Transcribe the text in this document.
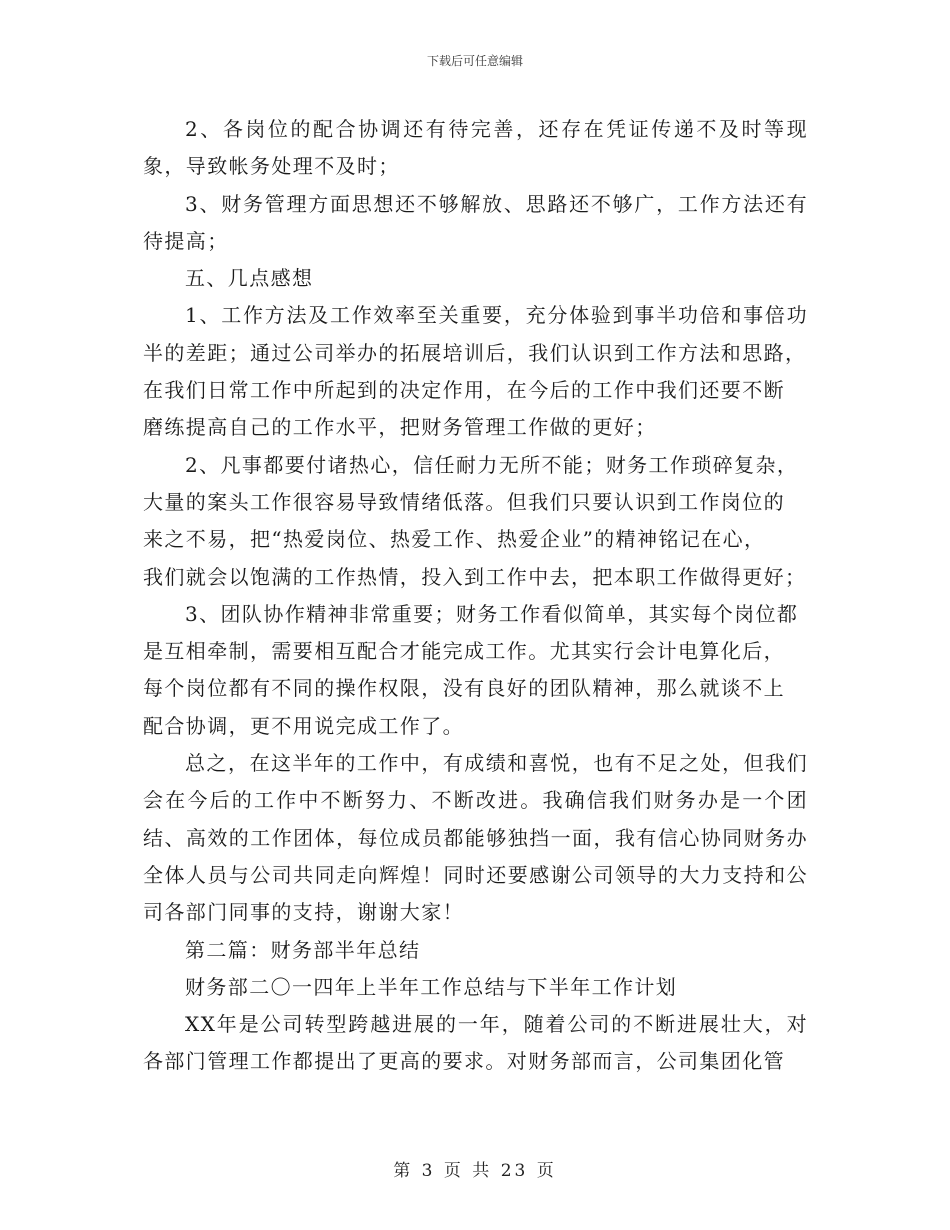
下载后可任意编辑

2、各岗位的配合协调还有待完善，还存在凭证传递不及时等现象，导致帐务处理不及时；

3、财务管理方面思想还不够解放、思路还不够广，工作方法还有待提高；

五、几点感想

1、工作方法及工作效率至关重要，充分体验到事半功倍和事倍功半的差距；通过公司举办的拓展培训后，我们认识到工作方法和思路，
在我们日常工作中所起到的决定作用，在今后的工作中我们还要不断
磨练提高自己的工作水平，把财务管理工作做的更好；

2、凡事都要付诸热心，信任耐力无所不能；财务工作琐碎复杂，
大量的案头工作很容易导致情绪低落。但我们只要认识到工作岗位的
来之不易，把“热爱岗位、热爱工作、热爱企业”的精神铭记在心，
我们就会以饱满的工作热情，投入到工作中去，把本职工作做得更好；

3、团队协作精神非常重要；财务工作看似简单，其实每个岗位都
是互相牵制，需要相互配合才能完成工作。尤其实行会计电算化后，
每个岗位都有不同的操作权限，没有良好的团队精神，那么就谈不上
配合协调，更不用说完成工作了。

总之，在这半年的工作中，有成绩和喜悦，也有不足之处，但我们会在今后的工作中不断努力、不断改进。我确信我们财务办是一个团结、高效的工作团体，每位成员都能够独挡一面，我有信心协同财务办全体人员与公司共同走向辉煌！同时还要感谢公司领导的大力支持和公司各部门同事的支持，谢谢大家！

第二篇：财务部半年总结

财务部二〇一四年上半年工作总结与下半年工作计划

XX年是公司转型跨越进展的一年，随着公司的不断进展壮大，对各部门管理工作都提出了更高的要求。对财务部而言，公司集团化管

第 3 页 共 23 页
